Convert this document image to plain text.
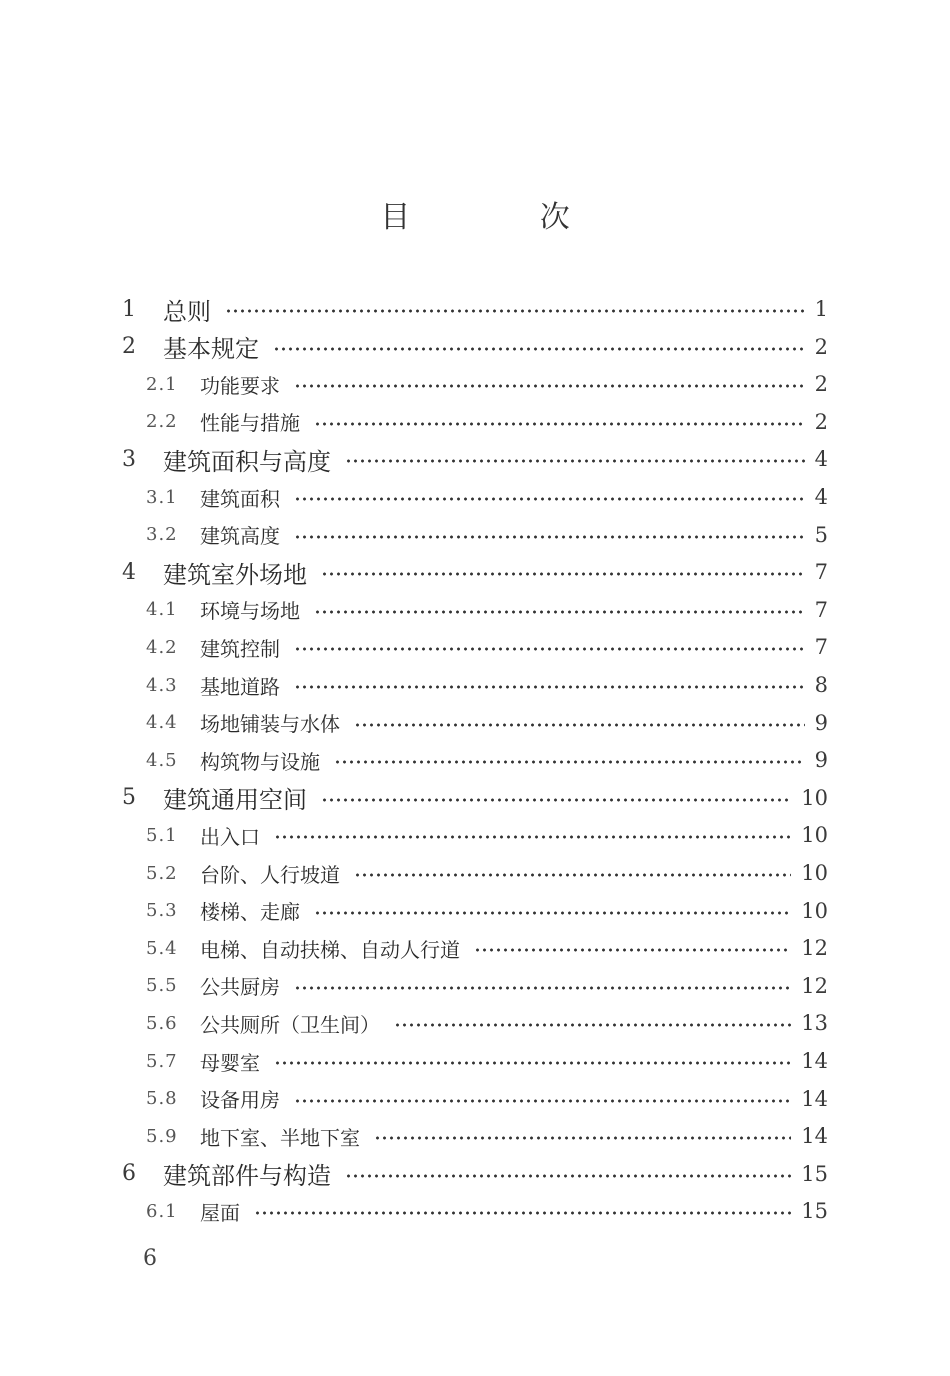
目 次
1 总则	1
2 基本规定	2
2.1 功能要求	2
2.2 性能与措施	2
3 建筑面积与高度	4
3.1 建筑面积	4
3.2 建筑高度	5
4 建筑室外场地	7
4.1 环境与场地	7
4.2 建筑控制	7
4.3 基地道路	8
4.4 场地铺装与水体	9
4.5 构筑物与设施	9
5 建筑通用空间	10
5.1 出入口	10
5.2 台阶、人行坡道	10
5.3 楼梯、走廊	10
5.4 电梯、自动扶梯、自动人行道	12
5.5 公共厨房	12
5.6 公共厕所（卫生间）	13
5.7 母婴室	14
5.8 设备用房	14
5.9 地下室、半地下室	14
6 建筑部件与构造	15
6.1 屋面	15
6
